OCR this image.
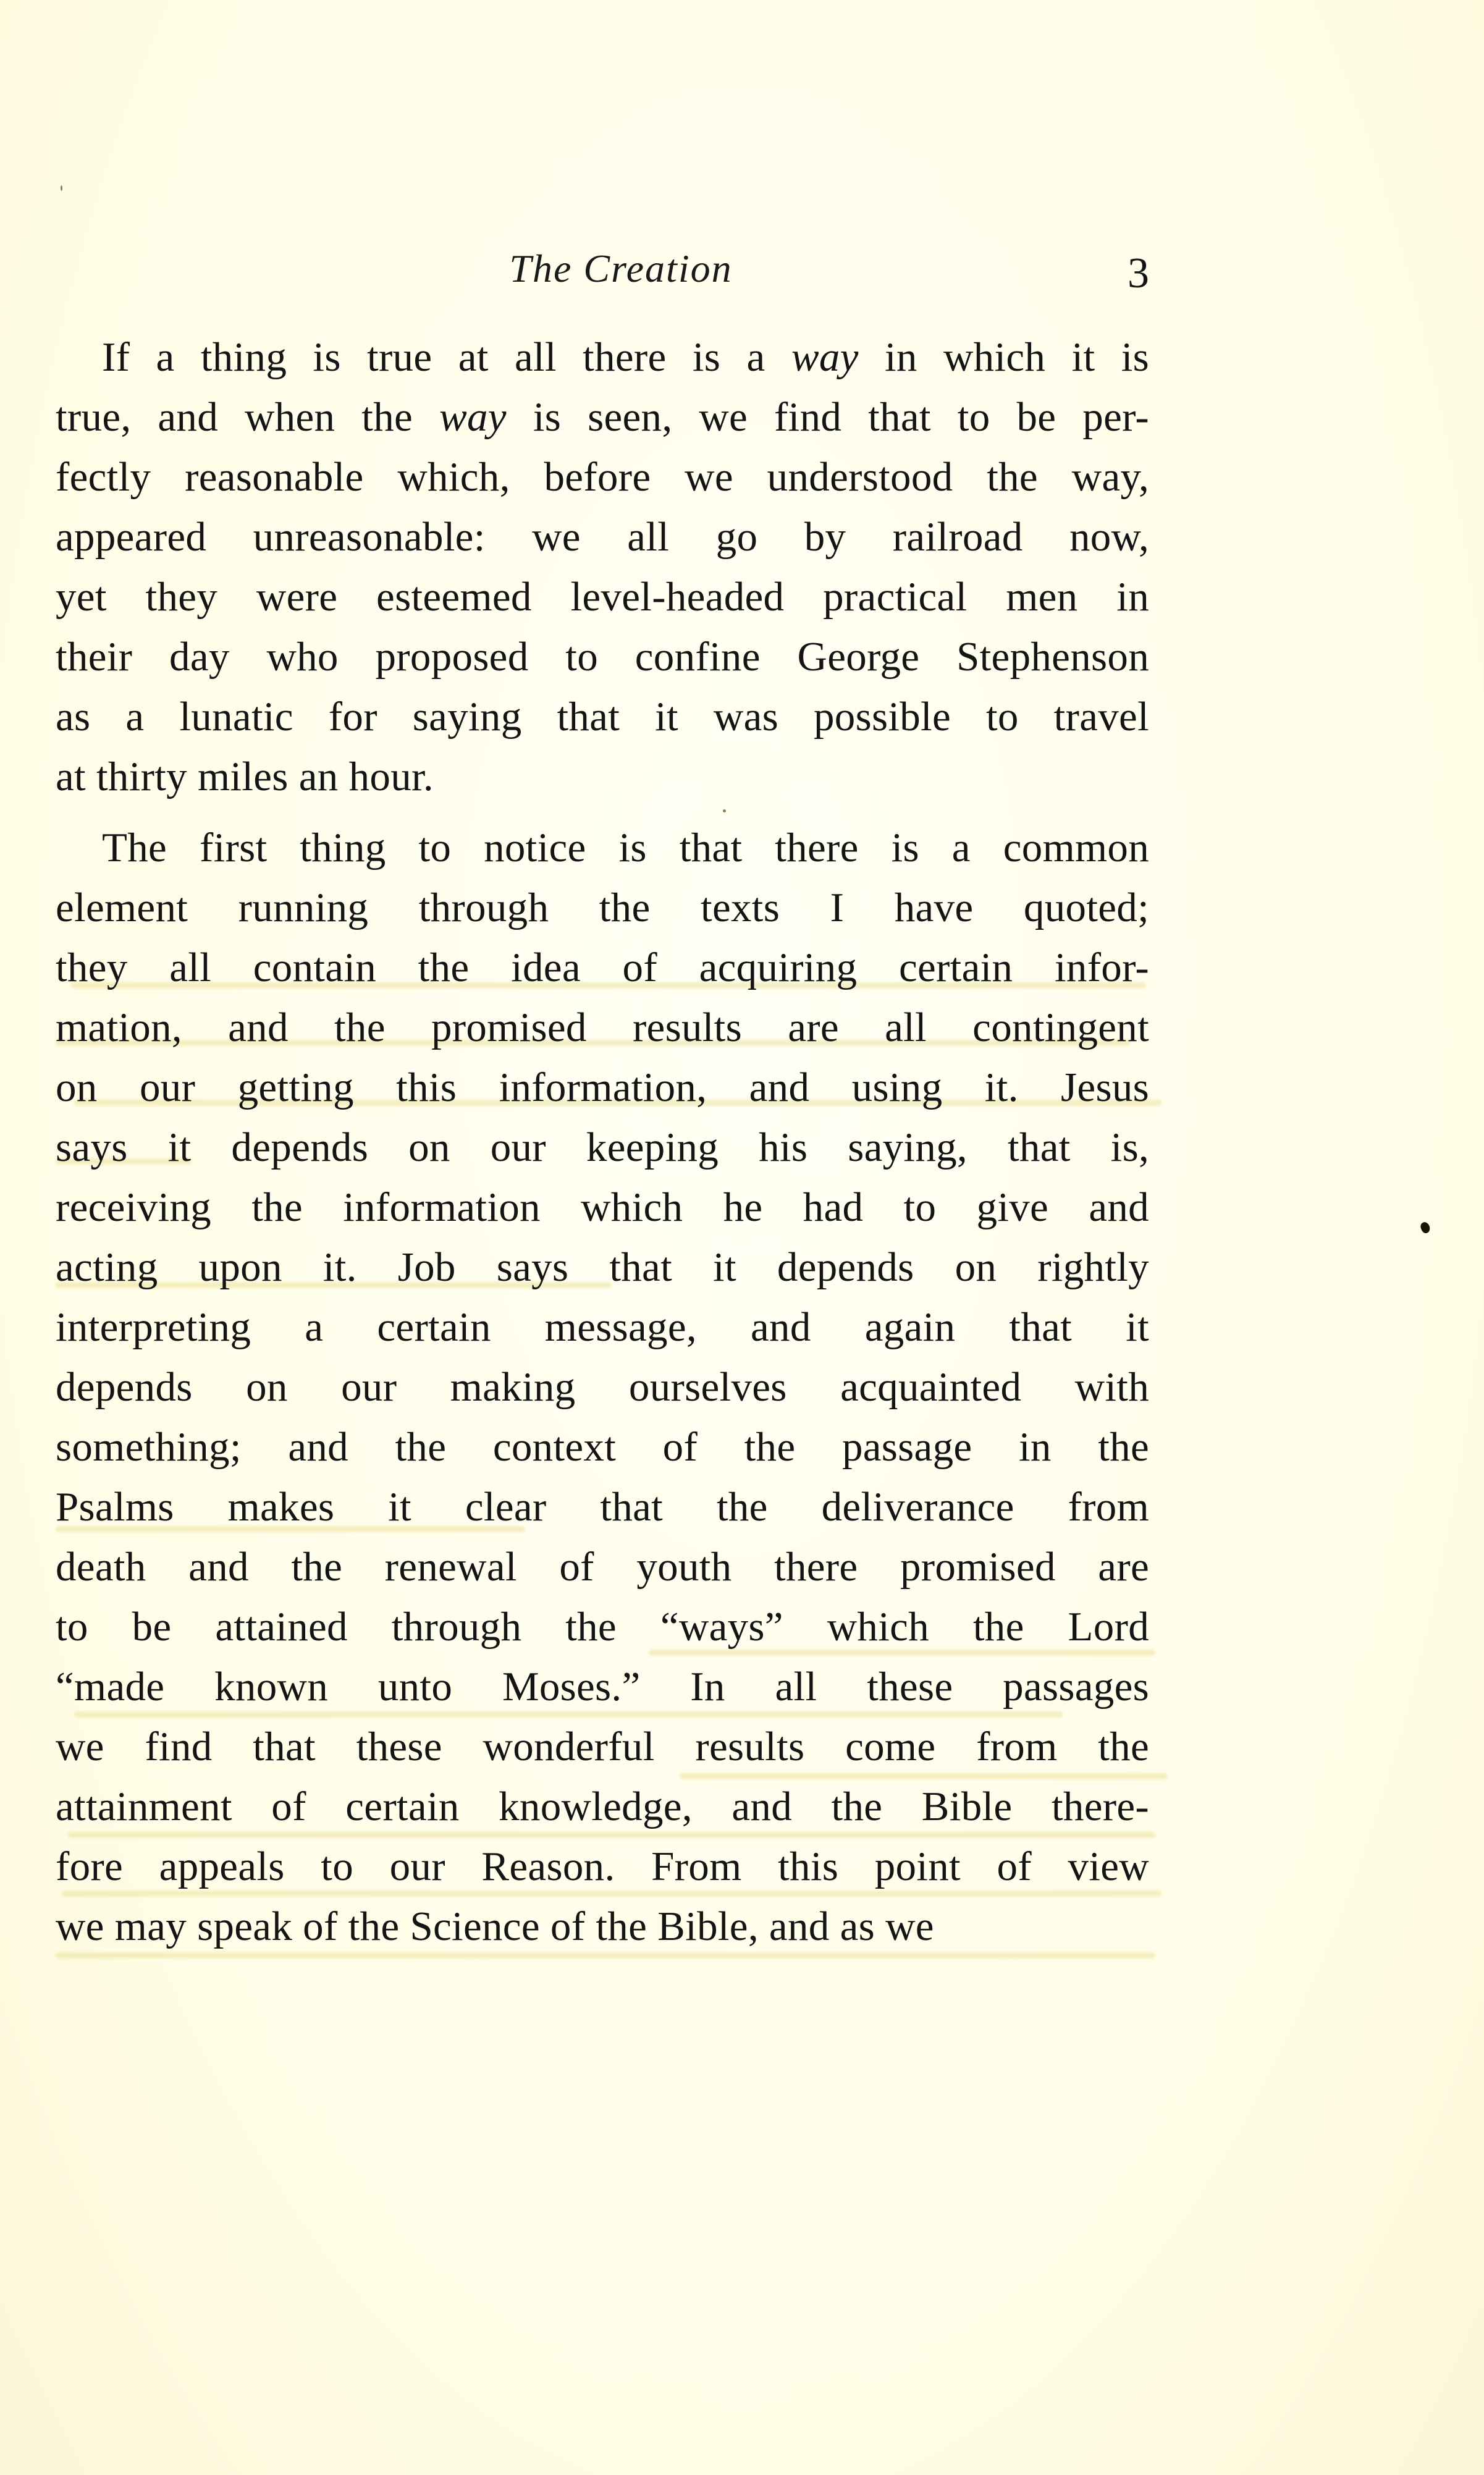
The Creation	3
If a thing is true at all there is a way in which it is
true, and when the way is seen, we find that to be per-
fectly reasonable which, before we understood the way,
appeared unreasonable: we all go by railroad now,
yet they were esteemed level-headed practical men in
their day who proposed to confine George Stephenson
as a lunatic for saying that it was possible to travel
at thirty miles an hour.
The first thing to notice is that there is a common
element running through the texts I have quoted;
they all contain the idea of acquiring certain infor-
mation, and the promised results are all contingent
on our getting this information, and using it. Jesus
says it depends on our keeping his saying, that is,
receiving the information which he had to give and
acting upon it. Job says that it depends on rightly
interpreting a certain message, and again that it
depends on our making ourselves acquainted with
something; and the context of the passage in the
Psalms makes it clear that the deliverance from
death and the renewal of youth there promised are
to be attained through the “ways” which the Lord
“made known unto Moses.” In all these passages
we find that these wonderful results come from the
attainment of certain knowledge, and the Bible there-
fore appeals to our Reason. From this point of view
we may speak of the Science of the Bible, and as we
